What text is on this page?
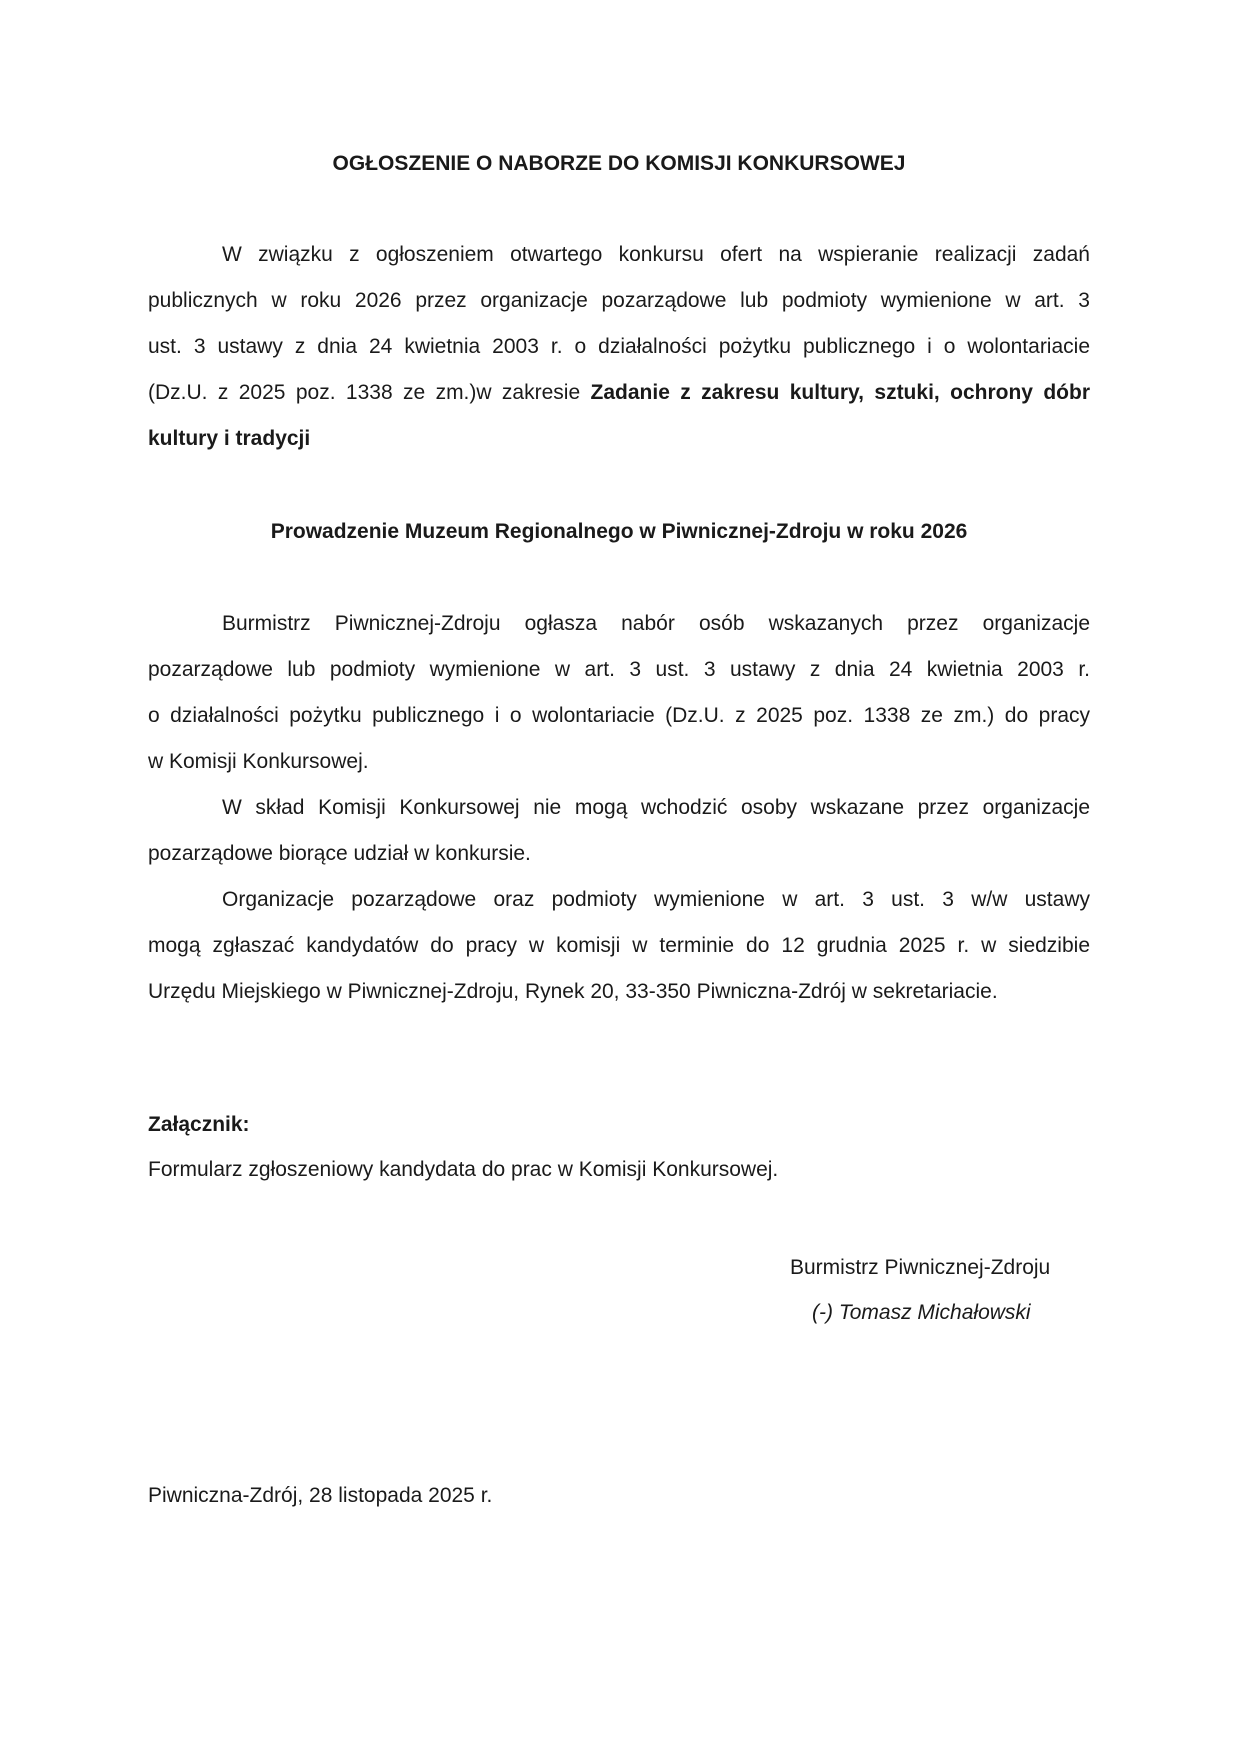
OGŁOSZENIE O NABORZE DO KOMISJI KONKURSOWEJ
W związku z ogłoszeniem otwartego konkursu ofert na wspieranie realizacji zadań
publicznych w roku 2026 przez organizacje pozarządowe lub podmioty wymienione w art. 3
ust. 3 ustawy z dnia 24 kwietnia 2003 r. o działalności pożytku publicznego i o wolontariacie
(Dz.U. z 2025 poz. 1338 ze zm.)w zakresie Zadanie z zakresu kultury, sztuki, ochrony dóbr
kultury i tradycji
Prowadzenie Muzeum Regionalnego w Piwnicznej-Zdroju w roku 2026
Burmistrz Piwnicznej-Zdroju ogłasza nabór osób wskazanych przez organizacje
pozarządowe lub podmioty wymienione w art. 3 ust. 3 ustawy z dnia 24 kwietnia 2003 r.
o działalności pożytku publicznego i o wolontariacie (Dz.U. z 2025 poz. 1338 ze zm.) do pracy
w Komisji Konkursowej.
W skład Komisji Konkursowej nie mogą wchodzić osoby wskazane przez organizacje
pozarządowe biorące udział w konkursie.
Organizacje pozarządowe oraz podmioty wymienione w art. 3 ust. 3 w/w ustawy
mogą zgłaszać kandydatów do pracy w komisji w terminie do 12 grudnia 2025 r. w siedzibie
Urzędu Miejskiego w Piwnicznej-Zdroju, Rynek 20, 33-350 Piwniczna-Zdrój w sekretariacie.
Załącznik:
Formularz zgłoszeniowy kandydata do prac w Komisji Konkursowej.
Burmistrz Piwnicznej-Zdroju
(-) Tomasz Michałowski
Piwniczna-Zdrój, 28 listopada 2025 r.
